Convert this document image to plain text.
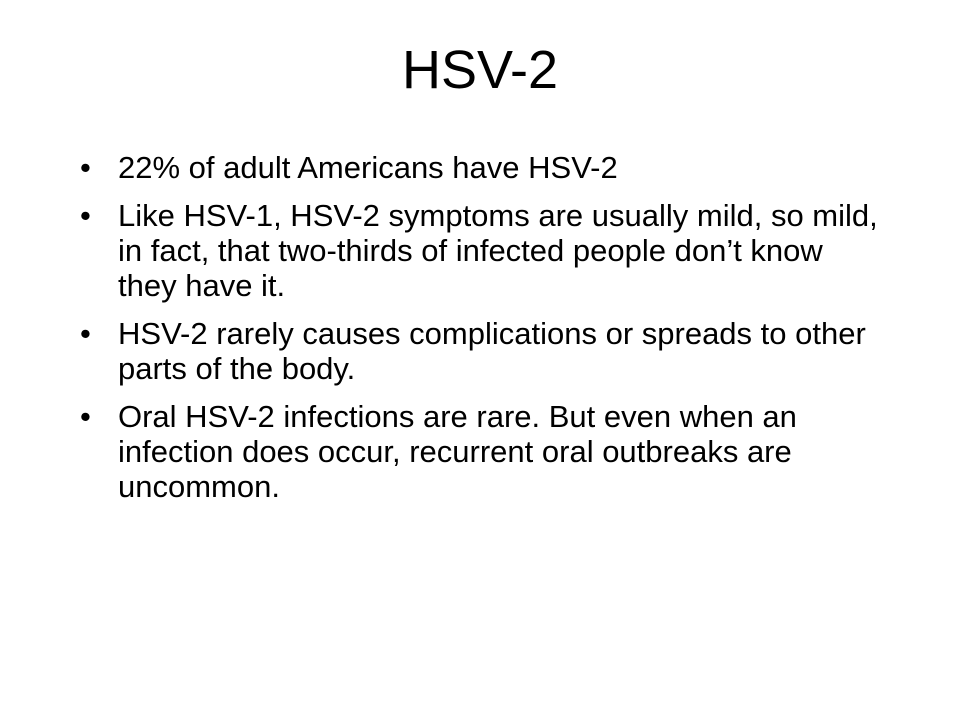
HSV-2
• 22% of adult Americans have HSV-2
• Like HSV-1, HSV-2 symptoms are usually mild, so mild, in fact, that two-thirds of infected people don’t know they have it.
• HSV-2 rarely causes complications or spreads to other parts of the body.
• Oral HSV-2 infections are rare. But even when an infection does occur, recurrent oral outbreaks are uncommon.
